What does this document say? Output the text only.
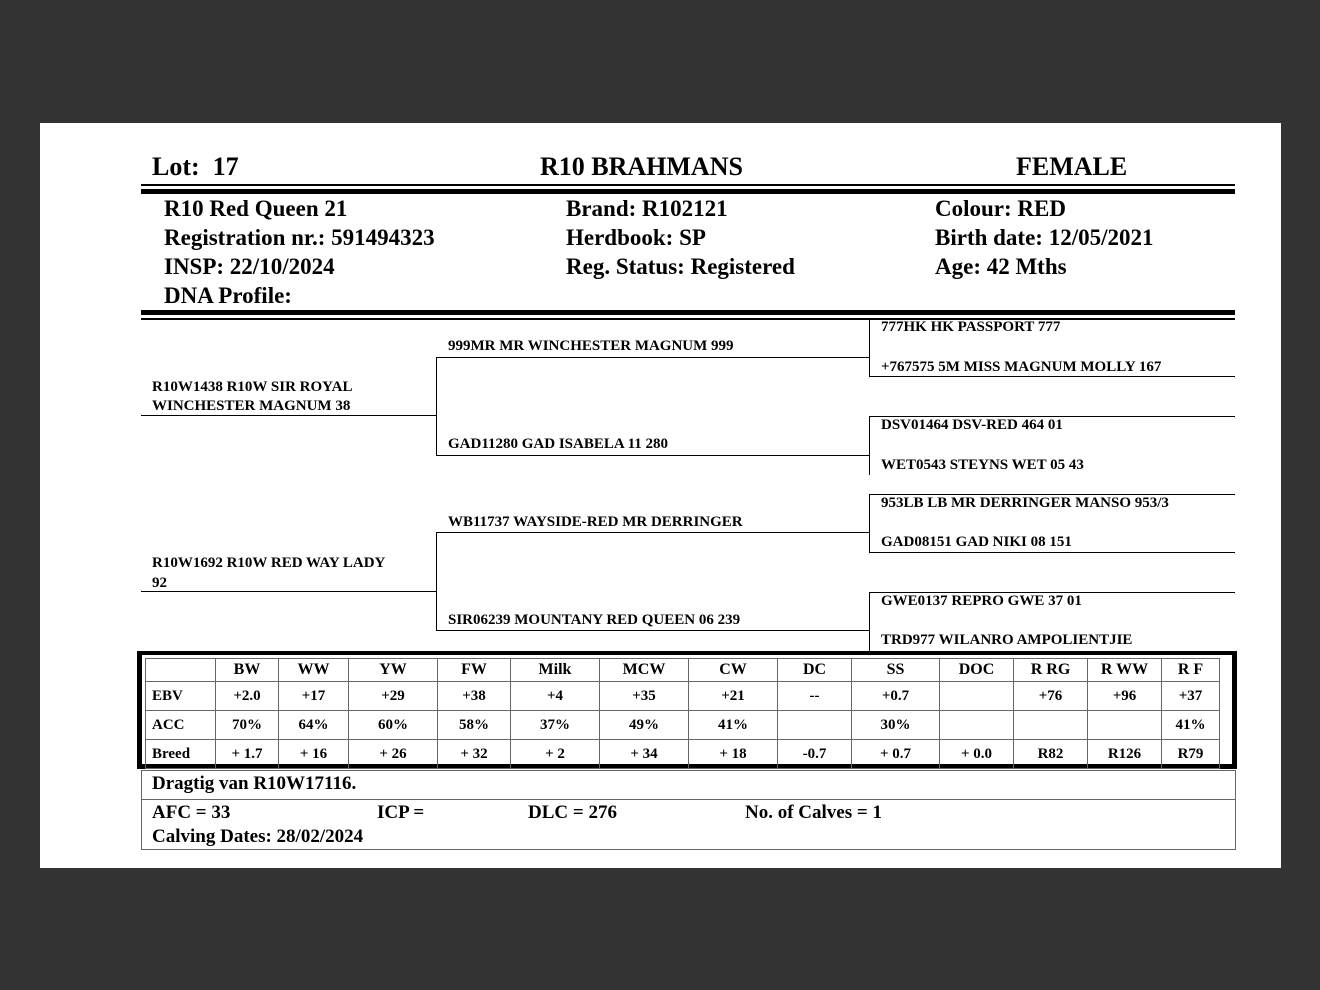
Lot: 17	R10 BRAHMANS	FEMALE
R10 Red Queen 21
Registration nr.: 591494323
INSP: 22/10/2024
DNA Profile:
Brand: R102121
Herdbook: SP
Reg. Status: Registered
Colour: RED
Birth date: 12/05/2021
Age: 42 Mths
R10W1438 R10W SIR ROYAL
WINCHESTER MAGNUM 38
R10W1692 R10W RED WAY LADY
92
999MR MR WINCHESTER MAGNUM 999
GAD11280 GAD ISABELA 11 280
WB11737 WAYSIDE-RED MR DERRINGER
SIR06239 MOUNTANY RED QUEEN 06 239
777HK HK PASSPORT 777
+767575 5M MISS MAGNUM MOLLY 167
DSV01464 DSV-RED 464 01
WET0543 STEYNS WET 05 43
953LB LB MR DERRINGER MANSO 953/3
GAD08151 GAD NIKI 08 151
GWE0137 REPRO GWE 37 01
TRD977 WILANRO AMPOLIENTJIE
	BW	WW	YW	FW	Milk	MCW	CW	DC	SS	DOC	R RG	R WW	R F
EBV	+2.0	+17	+29	+38	+4	+35	+21	--	+0.7		+76	+96	+37
ACC	70%	64%	60%	58%	37%	49%	41%		30%				41%
Breed	+ 1.7	+ 16	+ 26	+ 32	+ 2	+ 34	+ 18	-0.7	+ 0.7	+ 0.0	R82	R126	R79
Dragtig van R10W17116.
AFC = 33	ICP =	DLC = 276	No. of Calves = 1
Calving Dates: 28/02/2024
